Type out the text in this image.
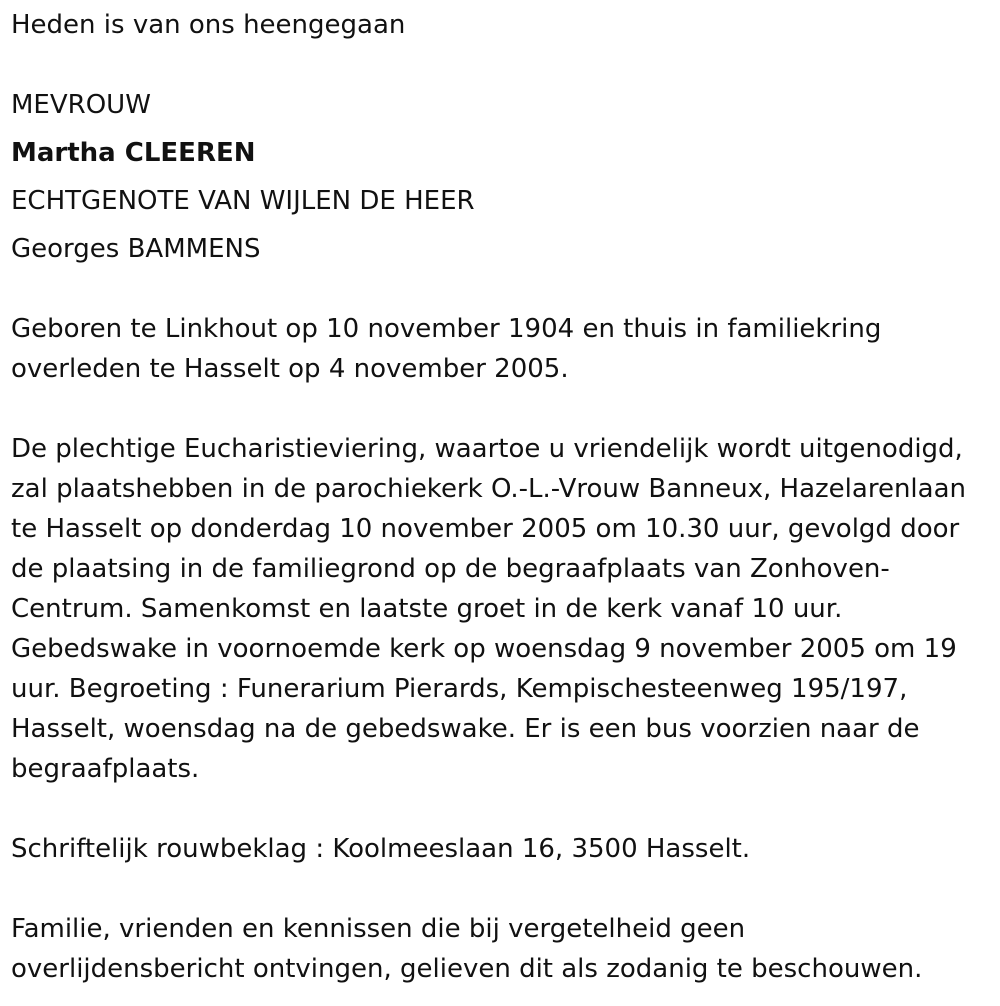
Heden is van ons heengegaan
MEVROUW
Martha CLEEREN
ECHTGENOTE VAN WIJLEN DE HEER
Georges BAMMENS
Geboren te Linkhout op 10 november 1904 en thuis in familiekring
overleden te Hasselt op 4 november 2005.
De plechtige Eucharistieviering, waartoe u vriendelijk wordt uitgenodigd,
zal plaatshebben in de parochiekerk O.-L.-Vrouw Banneux, Hazelarenlaan
te Hasselt op donderdag 10 november 2005 om 10.30 uur, gevolgd door
de plaatsing in de familiegrond op de begraafplaats van Zonhoven-
Centrum. Samenkomst en laatste groet in de kerk vanaf 10 uur.
Gebedswake in voornoemde kerk op woensdag 9 november 2005 om 19
uur. Begroeting : Funerarium Pierards, Kempischesteenweg 195/197,
Hasselt, woensdag na de gebedswake. Er is een bus voorzien naar de
begraafplaats.
Schriftelijk rouwbeklag : Koolmeeslaan 16, 3500 Hasselt.
Familie, vrienden en kennissen die bij vergetelheid geen
overlijdensbericht ontvingen, gelieven dit als zodanig te beschouwen.
